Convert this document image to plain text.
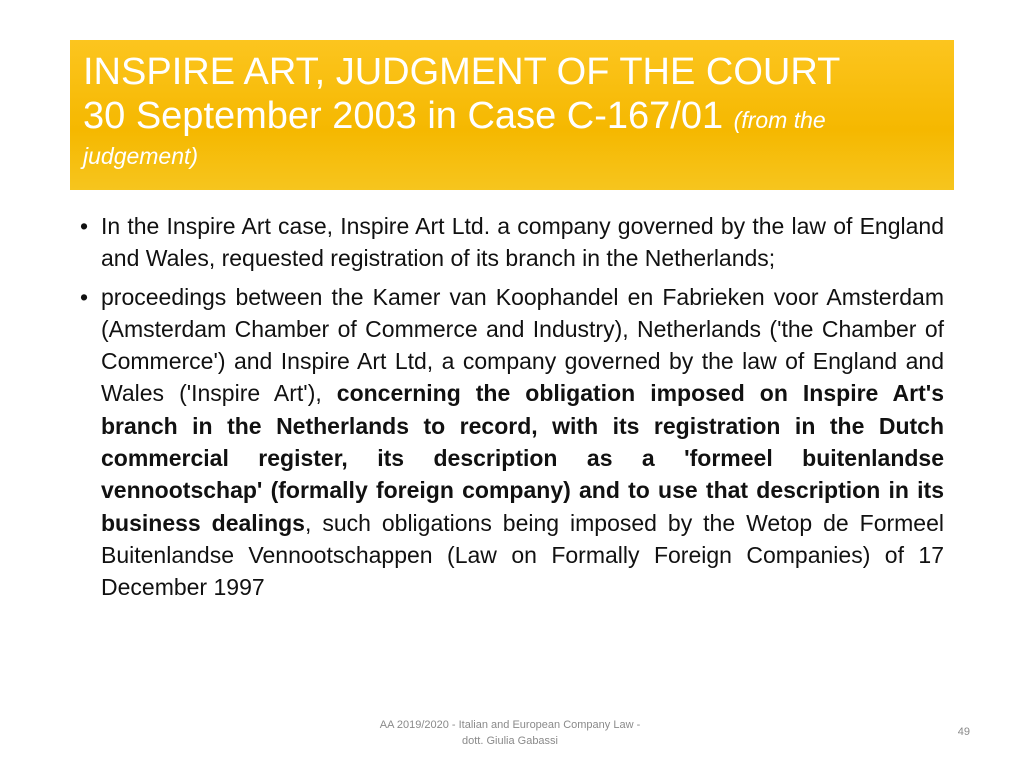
INSPIRE ART, JUDGMENT OF THE COURT
30 September 2003 in Case C-167/01 (from the
judgement)
• In the Inspire Art case, Inspire Art Ltd. a company governed by the law of England and Wales, requested registration of its branch in the Netherlands;
• proceedings between the Kamer van Koophandel en Fabrieken voor Amsterdam (Amsterdam Chamber of Commerce and Industry), Netherlands ('the Chamber of Commerce') and Inspire Art Ltd, a company governed by the law of England and Wales ('Inspire Art'), concerning the obligation imposed on Inspire Art's branch in the Netherlands to record, with its registration in the Dutch commercial register, its description as a 'formeel buitenlandse vennootschap' (formally foreign company) and to use that description in its business dealings, such obligations being imposed by the Wetop de Formeel Buitenlandse Vennootschappen (Law on Formally Foreign Companies) of 17 December 1997
AA 2019/2020 - Italian and European Company Law -
dott. Giulia Gabassi
49
